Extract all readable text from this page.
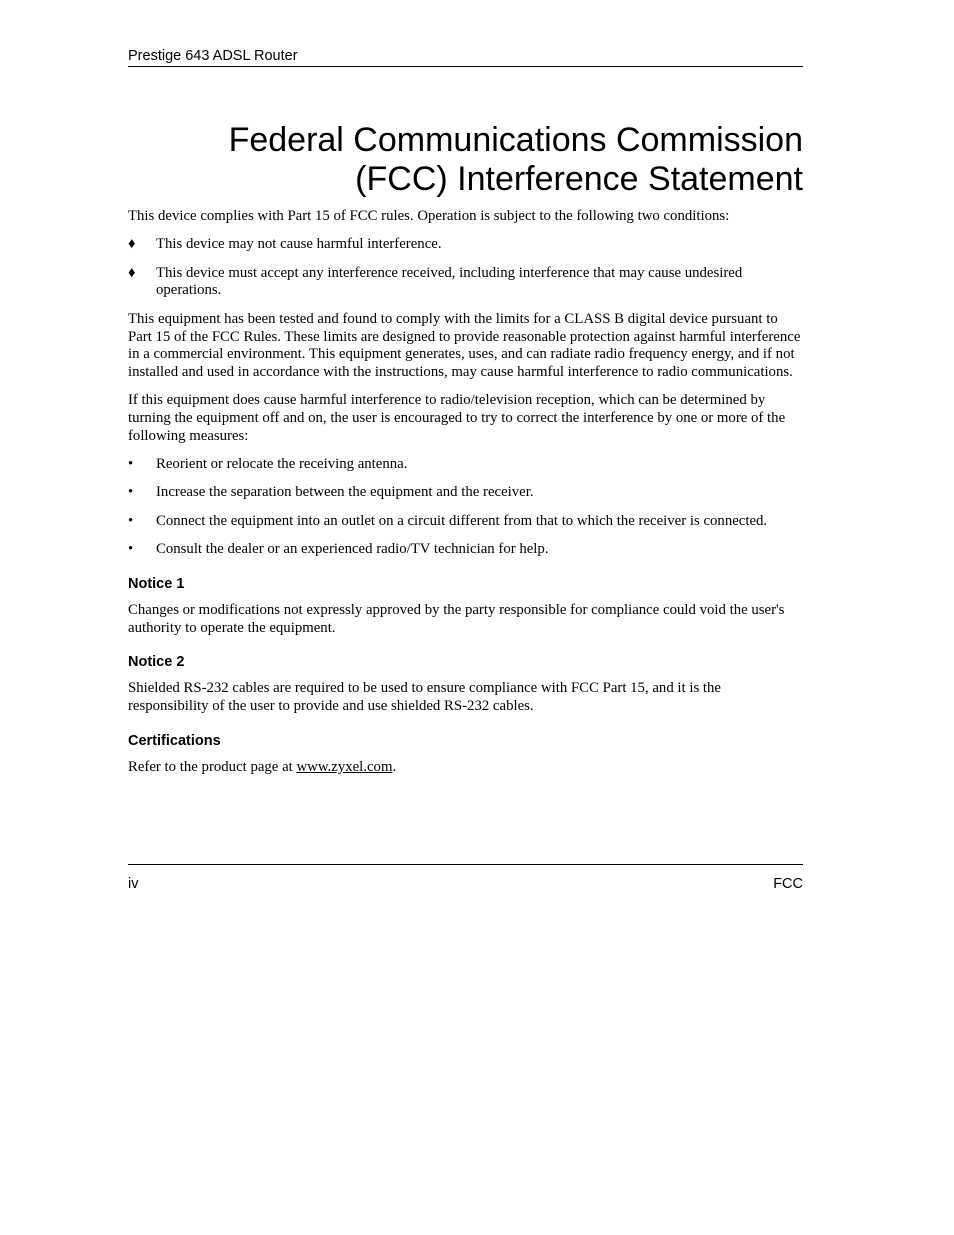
Prestige 643 ADSL Router
Federal Communications Commission
(FCC) Interference Statement

This device complies with Part 15 of FCC rules. Operation is subject to the following two conditions:

♦	This device may not cause harmful interference.
♦	This device must accept any interference received, including interference that may cause undesired operations.

This equipment has been tested and found to comply with the limits for a CLASS B digital device pursuant to Part 15 of the FCC Rules. These limits are designed to provide reasonable protection against harmful interference in a commercial environment. This equipment generates, uses, and can radiate radio frequency energy, and if not installed and used in accordance with the instructions, may cause harmful interference to radio communications.

If this equipment does cause harmful interference to radio/television reception, which can be determined by turning the equipment off and on, the user is encouraged to try to correct the interference by one or more of the following measures:

•	Reorient or relocate the receiving antenna.
•	Increase the separation between the equipment and the receiver.
•	Connect the equipment into an outlet on a circuit different from that to which the receiver is connected.
•	Consult the dealer or an experienced radio/TV technician for help.
Notice 1

Changes or modifications not expressly approved by the party responsible for compliance could void the user's authority to operate the equipment.

Notice 2

Shielded RS-232 cables are required to be used to ensure compliance with FCC Part 15, and it is the responsibility of the user to provide and use shielded RS-232 cables.

Certifications

Refer to the product page at www.zyxel.com.

iv	FCC
